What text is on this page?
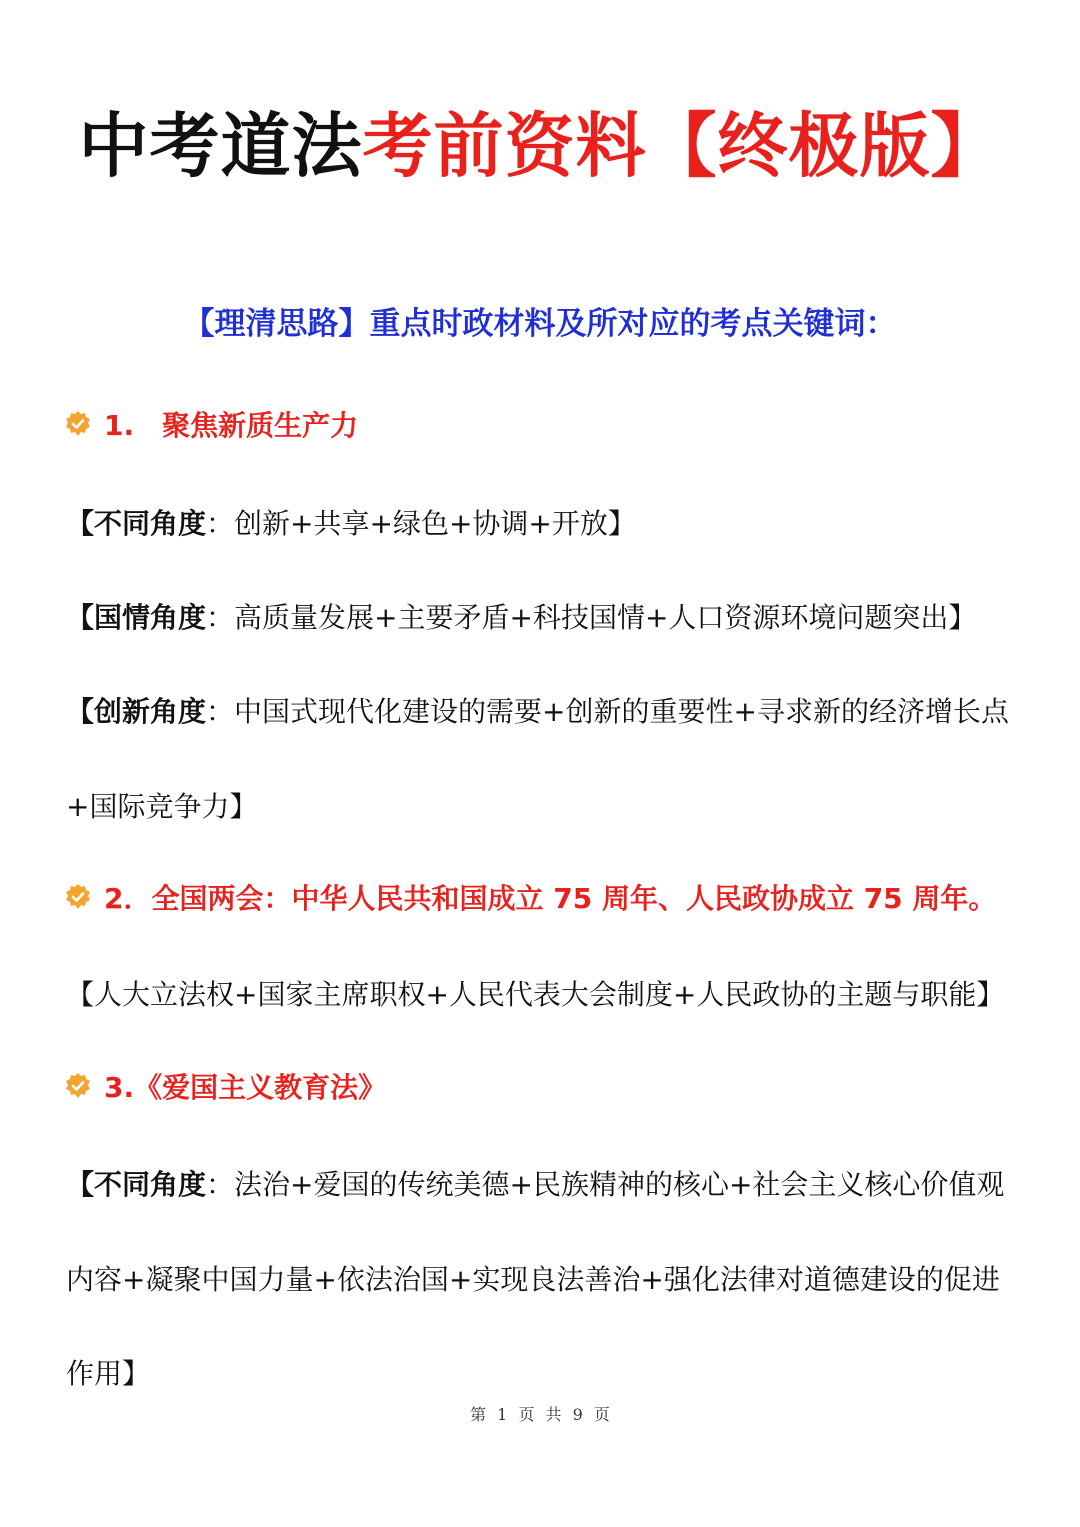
中考道法考前资料【终极版】
【理清思路】重点时政材料及所对应的考点关键词：
1.　聚焦新质生产力
【不同角度：创新+共享+绿色+协调+开放】
【国情角度：高质量发展+主要矛盾+科技国情+人口资源环境问题突出】
【创新角度：中国式现代化建设的需要+创新的重要性+寻求新的经济增长点
+国际竞争力】
2．全国两会：中华人民共和国成立 75 周年、人民政协成立 75 周年。
【人大立法权+国家主席职权+人民代表大会制度+人民政协的主题与职能】
3.《爱国主义教育法》
【不同角度：法治+爱国的传统美德+民族精神的核心+社会主义核心价值观
内容+凝聚中国力量+依法治国+实现良法善治+强化法律对道德建设的促进
作用】
第 1 页 共 9 页
